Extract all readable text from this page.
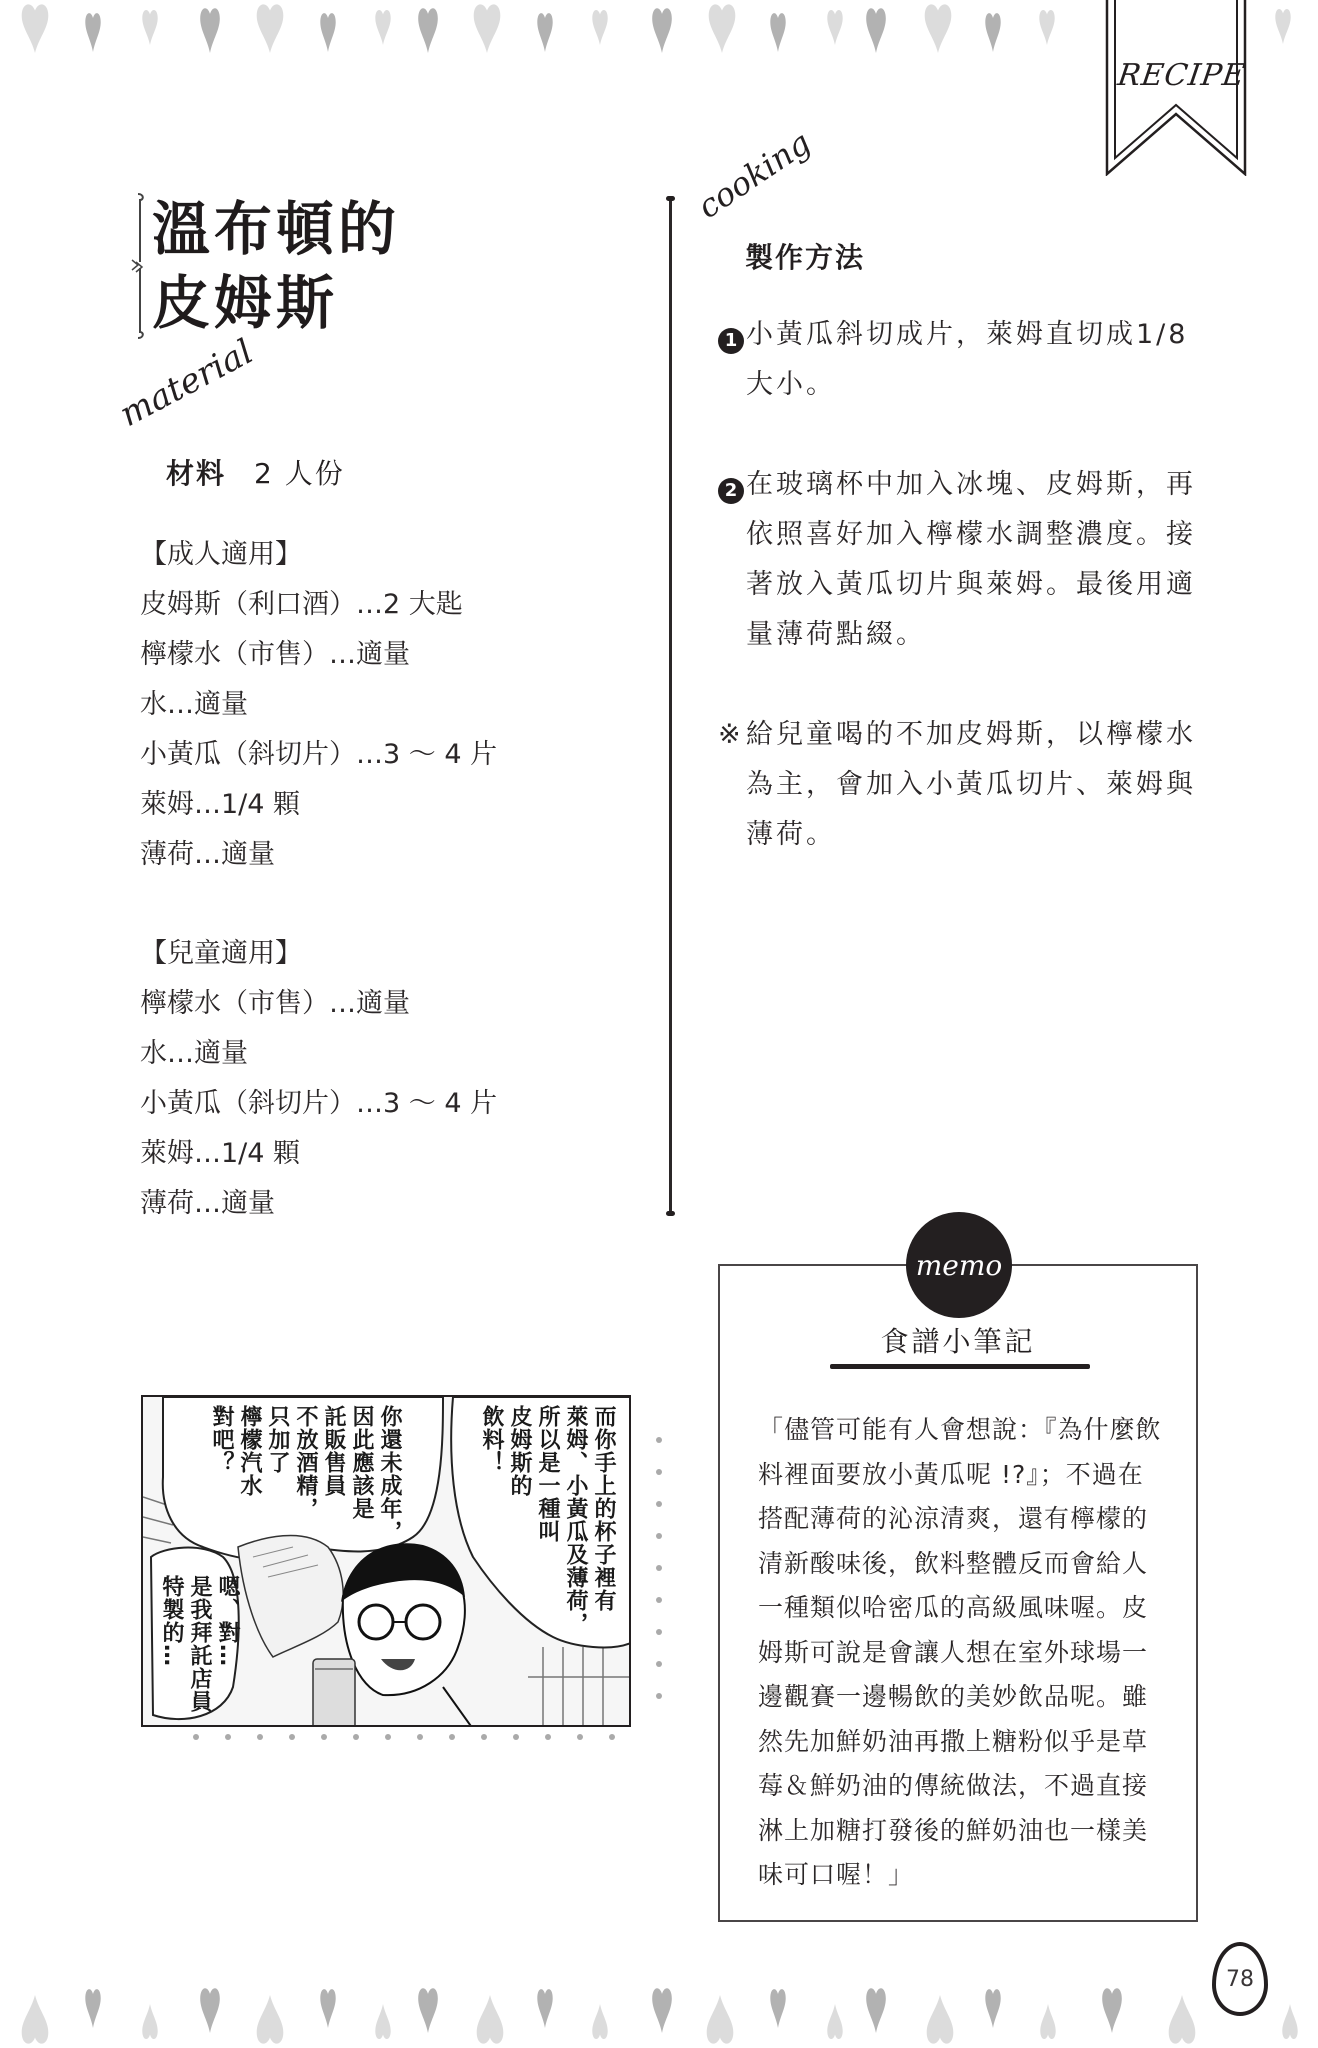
RECIPE
溫布頓的
皮姆斯
material
材料 2 人份
【成人適用】
皮姆斯（利口酒）…2 大匙
檸檬水（市售）…適量
水…適量
小黃瓜（斜切片）…3 ～ 4 片
萊姆…1/4 顆
薄荷…適量
【兒童適用】
檸檬水（市售）…適量
水…適量
小黃瓜（斜切片）…3 ～ 4 片
萊姆…1/4 顆
薄荷…適量
cooking
製作方法
1 小黃瓜斜切成片，萊姆直切成1/8
大小。
2 在玻璃杯中加入冰塊、皮姆斯，再
依照喜好加入檸檬水調整濃度。接
著放入黃瓜切片與萊姆。最後用適
量薄荷點綴。
※ 給兒童喝的不加皮姆斯，以檸檬水
為主，會加入小黃瓜切片、萊姆與
薄荷。
memo
食譜小筆記
「儘管可能有人會想說：『為什麼飲
料裡面要放小黃瓜呢 !?』；不過在
搭配薄荷的沁涼清爽，還有檸檬的
清新酸味後，飲料整體反而會給人
一種類似哈密瓜的高級風味喔。皮
姆斯可說是會讓人想在室外球場一
邊觀賽一邊暢飲的美妙飲品呢。雖
然先加鮮奶油再撒上糖粉似乎是草
莓＆鮮奶油的傳統做法，不過直接
淋上加糖打發後的鮮奶油也一樣美
味可口喔！」
而你手上的杯子裡有
萊姆、小黃瓜及薄荷，
所以是一種叫
皮姆斯的
飲料！
你還未成年，
因此應該是
託販售員
不放酒精，
只加了
檸檬汽水
對吧？
嗯、對…
是我拜託店員
特製的…
78
